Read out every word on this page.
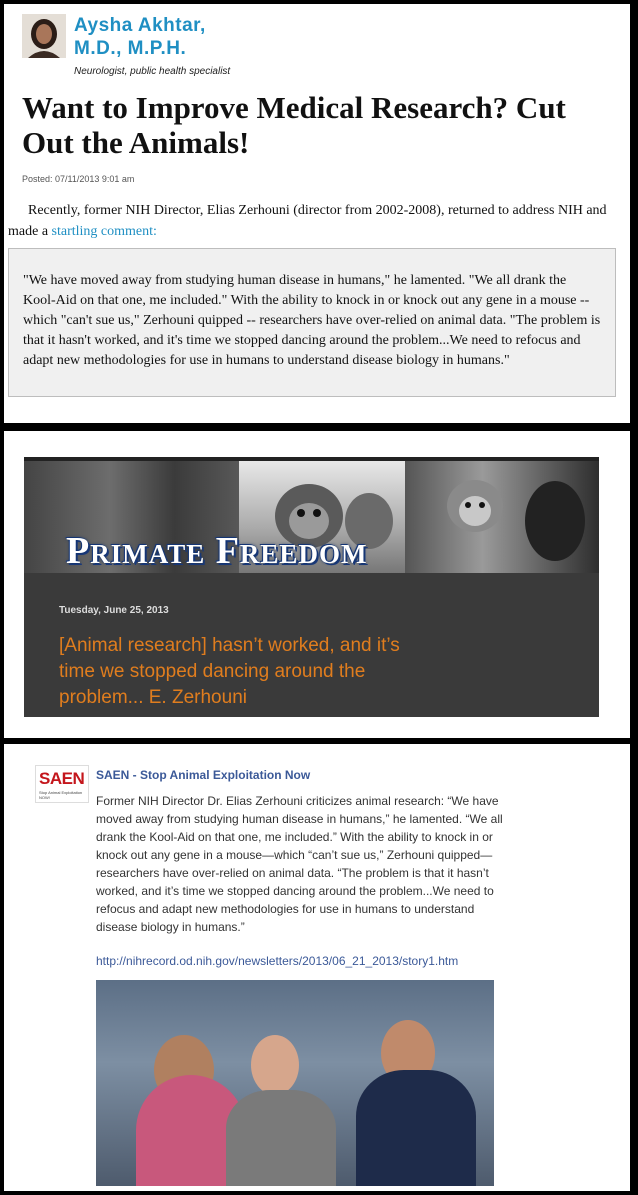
Aysha Akhtar,
M.D., M.P.H.
Neurologist, public health specialist
Want to Improve Medical Research? Cut Out the Animals!
Posted: 07/11/2013 9:01 am
Recently, former NIH Director, Elias Zerhouni (director from 2002-2008), returned to address NIH and made a startling comment:
"We have moved away from studying human disease in humans," he lamented. "We all drank the Kool-Aid on that one, me included." With the ability to knock in or knock out any gene in a mouse -- which "can't sue us," Zerhouni quipped -- researchers have over-relied on animal data. "The problem is that it hasn't worked, and it's time we stopped dancing around the problem...We need to refocus and adapt new methodologies for use in humans to understand disease biology in humans."
Primate Freedom
Tuesday, June 25, 2013
[Animal research] hasn’t worked, and it’s time we stopped dancing around the problem... E. Zerhouni
SAEN
Stop Animal Exploitation NOW!
SAEN - Stop Animal Exploitation Now
Former NIH Director Dr. Elias Zerhouni criticizes animal research: “We have moved away from studying human disease in humans,” he lamented. “We all drank the Kool-Aid on that one, me included.” With the ability to knock in or knock out any gene in a mouse—which “can’t sue us,” Zerhouni quipped—researchers have over-relied on animal data. “The problem is that it hasn’t worked, and it’s time we stopped dancing around the problem...We need to refocus and adapt new methodologies for use in humans to understand disease biology in humans.”
http://nihrecord.od.nih.gov/newsletters/2013/06_21_2013/story1.htm
